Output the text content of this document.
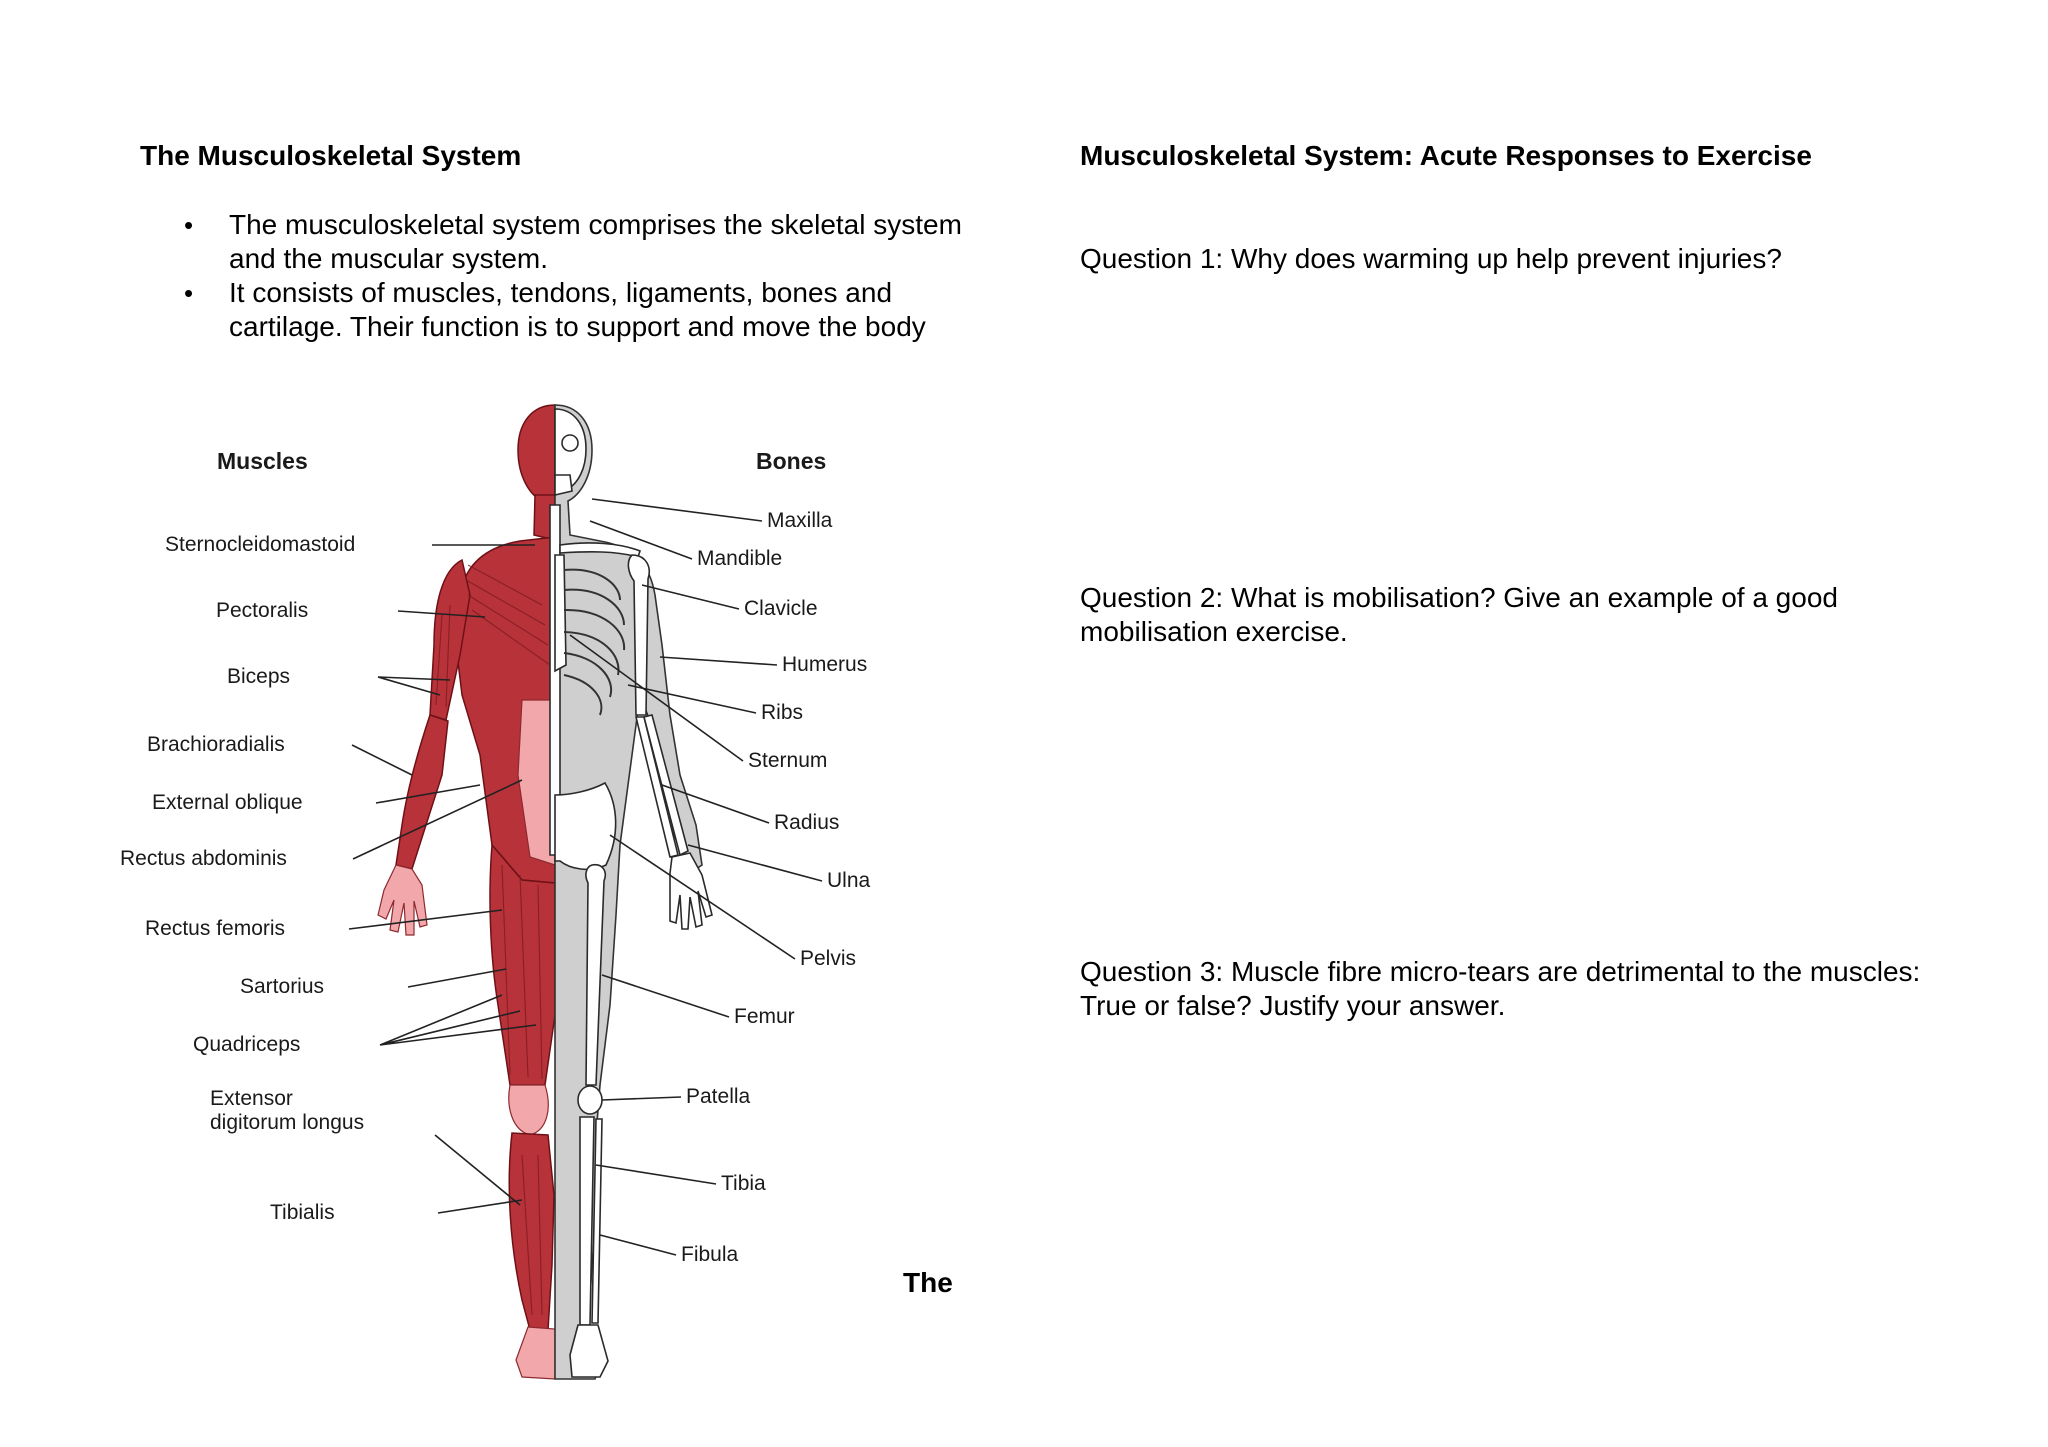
The Musculoskeletal System
• The musculoskeletal system comprises the skeletal system and the muscular system.
• It consists of muscles, tendons, ligaments, bones and cartilage. Their function is to support and move the body
Muscles	Bones
Sternocleidomastoid
Pectoralis
Biceps
Brachioradialis
External oblique
Rectus abdominis
Rectus femoris
Sartorius
Quadriceps
Extensor
digitorum longus
Tibialis
Maxilla
Mandible
Clavicle
Humerus
Ribs
Sternum
Radius
Ulna
Pelvis
Femur
Patella
Tibia
Fibula
The
Musculoskeletal System: Acute Responses to Exercise
Question 1: Why does warming up help prevent injuries?
Question 2: What is mobilisation? Give an example of a good mobilisation exercise.
Question 3: Muscle fibre micro-tears are detrimental to the muscles: True or false? Justify your answer.
